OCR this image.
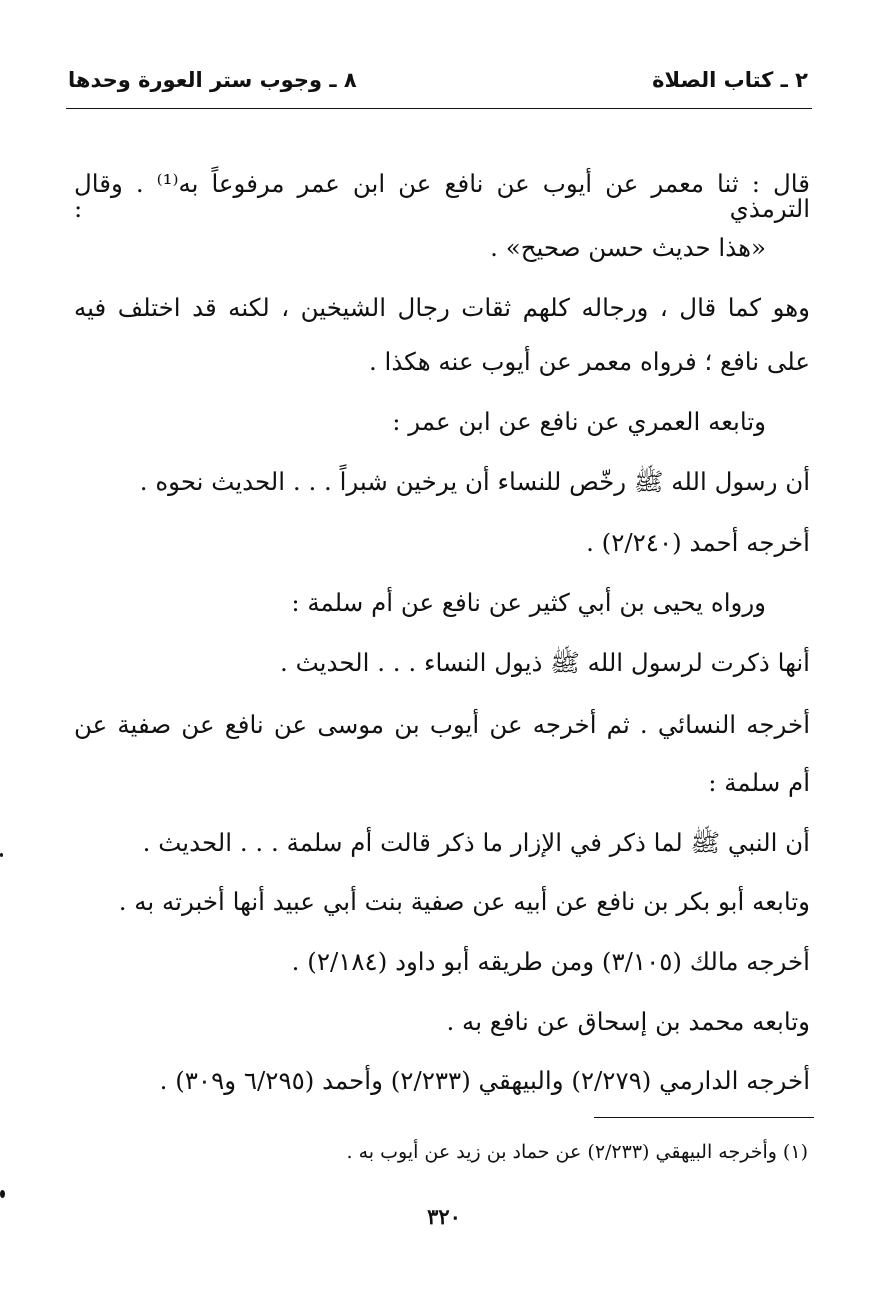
٢ ـ كتاب الصلاة
٨ ـ وجوب ستر العورة وحدها
قال : ثنا معمر عن أيوب عن نافع عن ابن عمر مرفوعاً به⁽¹⁾ . وقال الترمذي :
«هذا حديث حسن صحيح» .
وهو كما قال ، ورجاله كلهم ثقات رجال الشيخين ، لكنه قد اختلف فيه
على نافع ؛ فرواه معمر عن أيوب عنه هكذا .
وتابعه العمري عن نافع عن ابن عمر :
أن رسول الله ﷺ رخّص للنساء أن يرخين شبراً . . . الحديث نحوه .
أخرجه أحمد (٢/٢٤٠) .
ورواه يحيى بن أبي كثير عن نافع عن أم سلمة :
أنها ذكرت لرسول الله ﷺ ذيول النساء . . . الحديث .
أخرجه النسائي . ثم أخرجه عن أيوب بن موسى عن نافع عن صفية عن
أم سلمة :
أن النبي ﷺ لما ذكر في الإزار ما ذكر قالت أم سلمة . . . الحديث .
وتابعه أبو بكر بن نافع عن أبيه عن صفية بنت أبي عبيد أنها أخبرته به .
أخرجه مالك (٣/١٠٥) ومن طريقه أبو داود (٢/١٨٤) .
وتابعه محمد بن إسحاق عن نافع به .
أخرجه الدارمي (٢/٢٧٩) والبيهقي (٢/٢٣٣) وأحمد (٦/٢٩٥ و٣٠٩) .
(١) وأخرجه البيهقي (٢/٢٣٣) عن حماد بن زيد عن أيوب به .
٣٢٠
